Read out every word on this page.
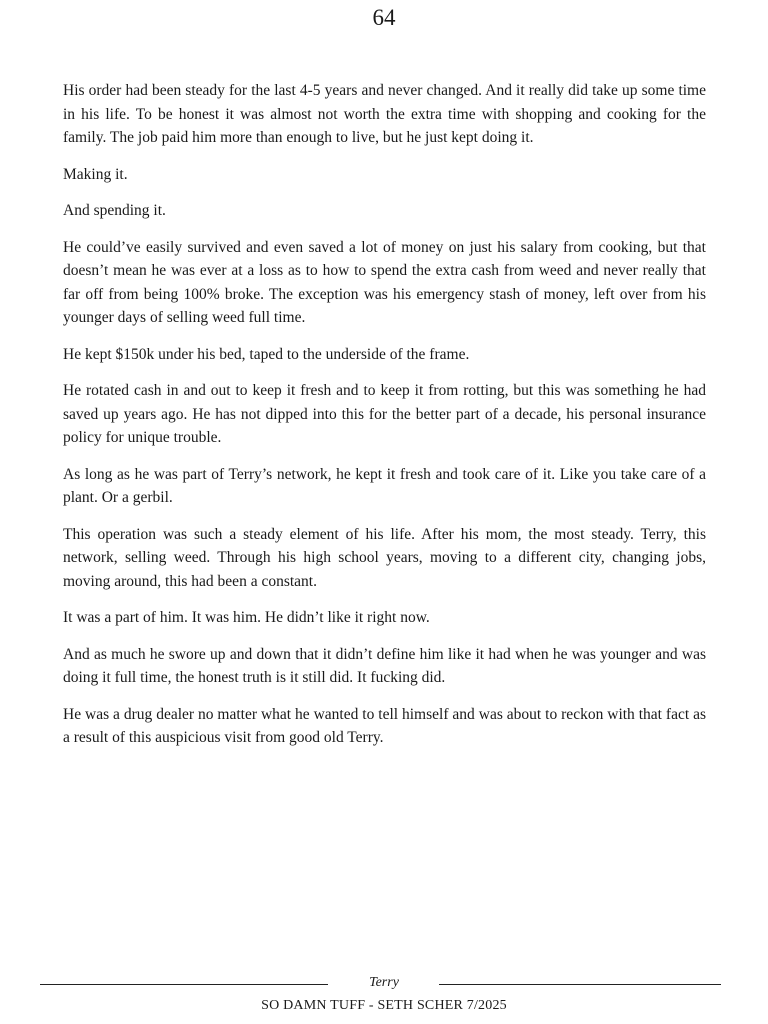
64

His order had been steady for the last 4-5 years and never changed. And it really did take up some time in his life. To be honest it was almost not worth the extra time with shopping and cooking for the family. The job paid him more than enough to live, but he just kept doing it.

Making it.

And spending it.

He could’ve easily survived and even saved a lot of money on just his salary from cooking, but that doesn’t mean he was ever at a loss as to how to spend the extra cash from weed and never really that far off from being 100% broke. The exception was his emergency stash of money, left over from his younger days of selling weed full time.

He kept $150k under his bed, taped to the underside of the frame.

He rotated cash in and out to keep it fresh and to keep it from rotting, but this was something he had saved up years ago. He has not dipped into this for the better part of a decade, his personal insurance policy for unique trouble.

As long as he was part of Terry’s network, he kept it fresh and took care of it. Like you take care of a plant. Or a gerbil.

This operation was such a steady element of his life. After his mom, the most steady. Terry, this network, selling weed. Through his high school years, moving to a different city, changing jobs, moving around, this had been a constant.

It was a part of him. It was him. He didn’t like it right now.

And as much he swore up and down that it didn’t define him like it had when he was younger and was doing it full time, the honest truth is it still did. It fucking did.

He was a drug dealer no matter what he wanted to tell himself and was about to reckon with that fact as a result of this auspicious visit from good old Terry.

Terry
SO DAMN TUFF - SETH SCHER 7/2025
